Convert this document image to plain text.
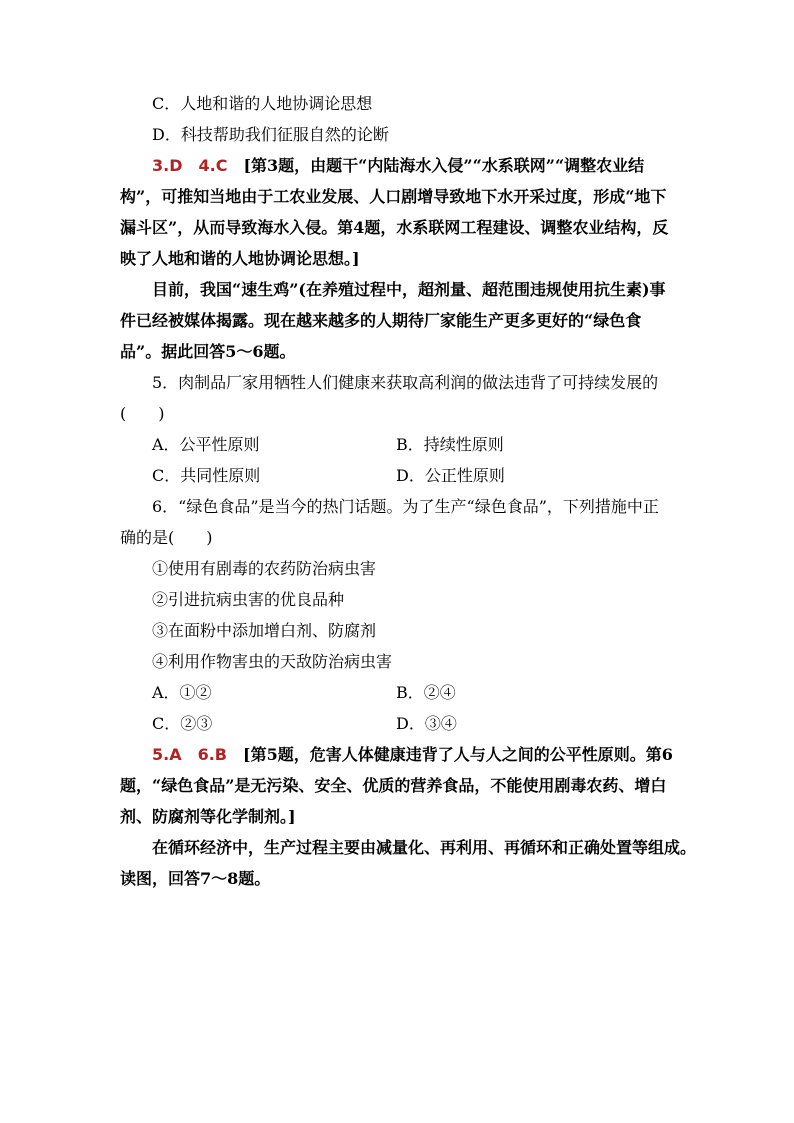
C．人地和谐的人地协调论思想
D．科技帮助我们征服自然的论断
3.D　4.C　[第3题，由题干“内陆海水入侵”“水系联网”“调整农业结
构”，可推知当地由于工农业发展、人口剧增导致地下水开采过度，形成“地下
漏斗区”，从而导致海水入侵。第4题，水系联网工程建设、调整农业结构，反
映了人地和谐的人地协调论思想。]
目前，我国“速生鸡”(在养殖过程中，超剂量、超范围违规使用抗生素)事
件已经被媒体揭露。现在越来越多的人期待厂家能生产更多更好的“绿色食
品”。据此回答5～6题。
5．肉制品厂家用牺牲人们健康来获取高利润的做法违背了可持续发展的
(　　)
A．公平性原则	B．持续性原则
C．共同性原则	D．公正性原则
6．“绿色食品”是当今的热门话题。为了生产“绿色食品”，下列措施中正
确的是(　　)
①使用有剧毒的农药防治病虫害
②引进抗病虫害的优良品种
③在面粉中添加增白剂、防腐剂
④利用作物害虫的天敌防治病虫害
A．①②	B．②④
C．②③	D．③④
5.A　6.B　[第5题，危害人体健康违背了人与人之间的公平性原则。第6
题，“绿色食品”是无污染、安全、优质的营养食品，不能使用剧毒农药、增白
剂、防腐剂等化学制剂。]
在循环经济中，生产过程主要由减量化、再利用、再循环和正确处置等组成。
读图，回答7～8题。
